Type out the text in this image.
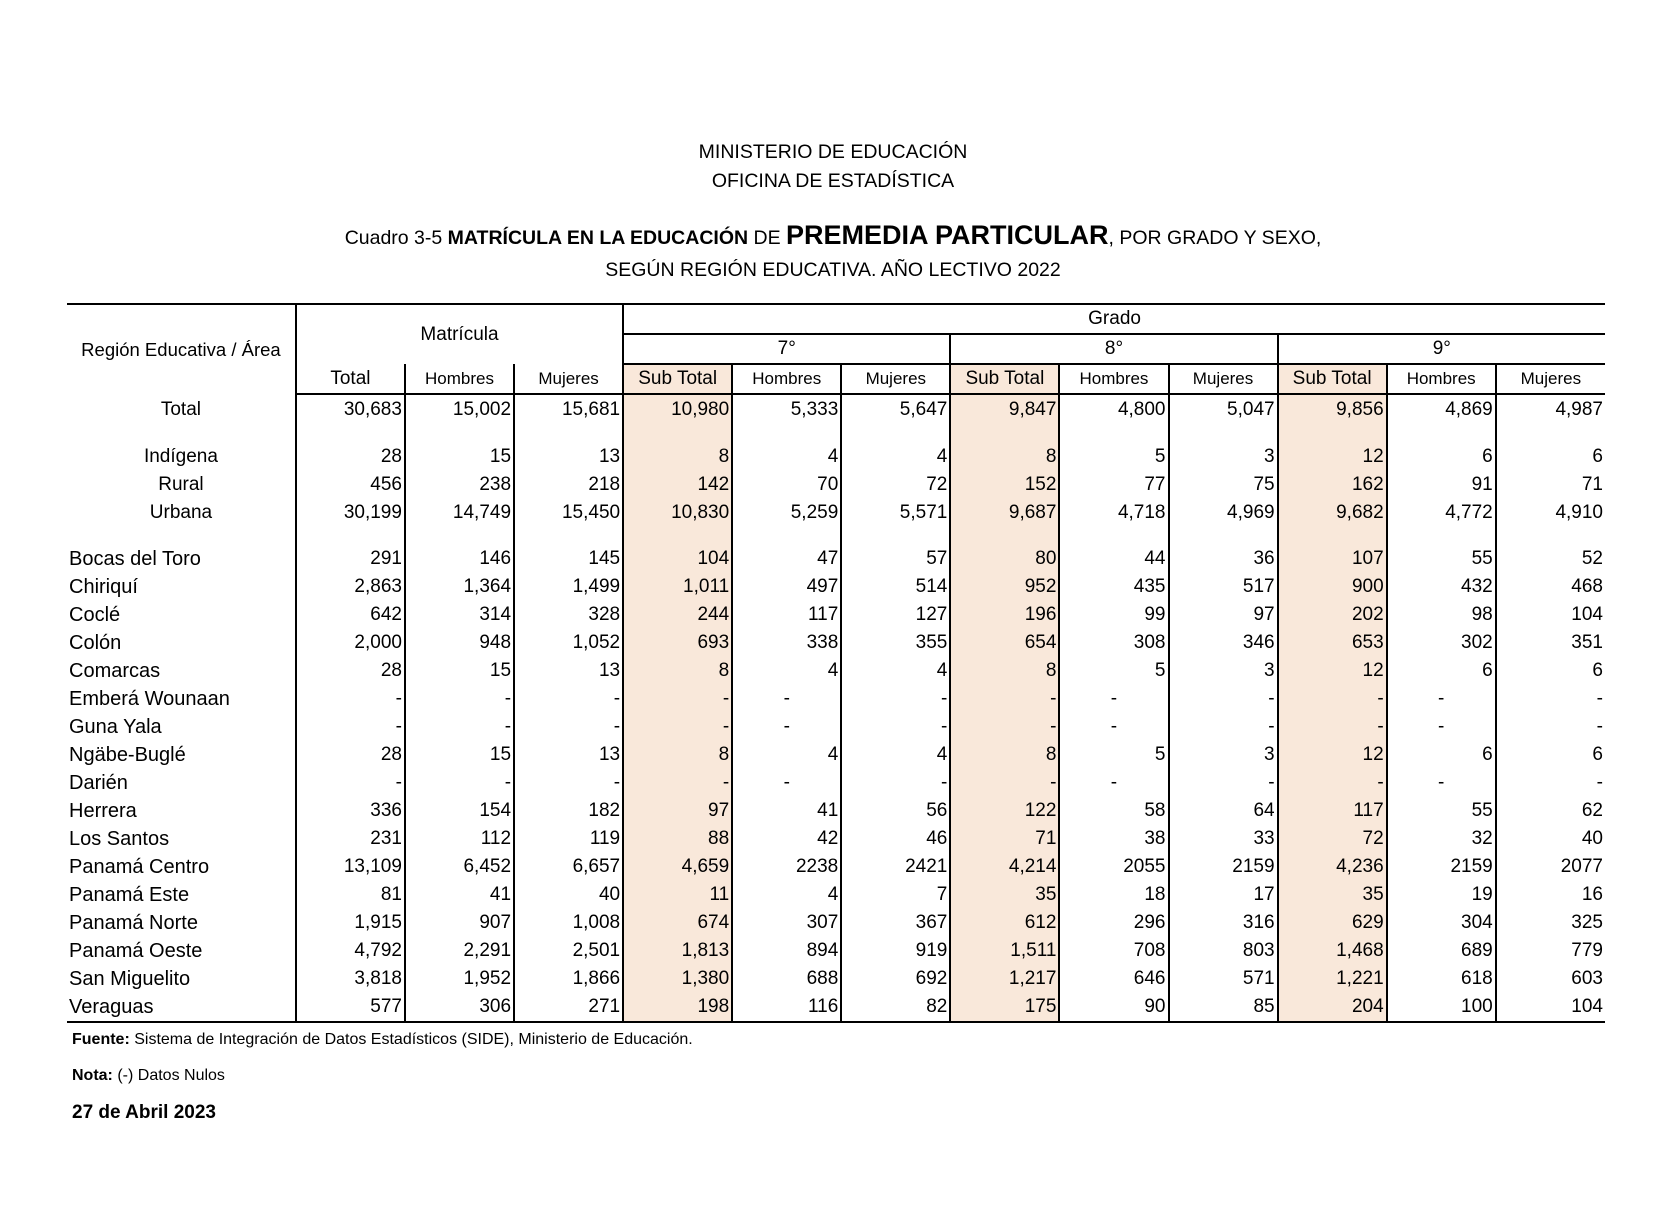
MINISTERIO DE EDUCACIÓN
OFICINA DE ESTADÍSTICA
Cuadro 3-5 MATRÍCULA EN LA EDUCACIÓN DE PREMEDIA PARTICULAR, POR GRADO Y SEXO,
SEGÚN REGIÓN EDUCATIVA. AÑO LECTIVO 2022
Región Educativa / Área	Matrícula			Grado								
				7°			8°			9°		
	Total	Hombres	Mujeres	Sub Total	Hombres	Mujeres	Sub Total	Hombres	Mujeres	Sub Total	Hombres	Mujeres
Total	30,683	15,002	15,681	10,980	5,333	5,647	9,847	4,800	5,047	9,856	4,869	4,987

Indígena	28	15	13	8	4	4	8	5	3	12	6	6
Rural	456	238	218	142	70	72	152	77	75	162	91	71
Urbana	30,199	14,749	15,450	10,830	5,259	5,571	9,687	4,718	4,969	9,682	4,772	4,910

Bocas del Toro	291	146	145	104	47	57	80	44	36	107	55	52
Chiriquí	2,863	1,364	1,499	1,011	497	514	952	435	517	900	432	468
Coclé	642	314	328	244	117	127	196	99	97	202	98	104
Colón	2,000	948	1,052	693	338	355	654	308	346	653	302	351
Comarcas	28	15	13	8	4	4	8	5	3	12	6	6
Emberá Wounaan	-	-	-	-	-	-	-	-	-	-	-	-
Guna Yala	-	-	-	-	-	-	-	-	-	-	-	-
Ngäbe-Buglé	28	15	13	8	4	4	8	5	3	12	6	6
Darién	-	-	-	-	-	-	-	-	-	-	-	-
Herrera	336	154	182	97	41	56	122	58	64	117	55	62
Los Santos	231	112	119	88	42	46	71	38	33	72	32	40
Panamá Centro	13,109	6,452	6,657	4,659	2238	2421	4,214	2055	2159	4,236	2159	2077
Panamá Este	81	41	40	11	4	7	35	18	17	35	19	16
Panamá Norte	1,915	907	1,008	674	307	367	612	296	316	629	304	325
Panamá Oeste	4,792	2,291	2,501	1,813	894	919	1,511	708	803	1,468	689	779
San Miguelito	3,818	1,952	1,866	1,380	688	692	1,217	646	571	1,221	618	603
Veraguas	577	306	271	198	116	82	175	90	85	204	100	104
Fuente: Sistema de Integración de Datos Estadísticos (SIDE), Ministerio de Educación.
Nota: (-) Datos Nulos
27 de Abril 2023
